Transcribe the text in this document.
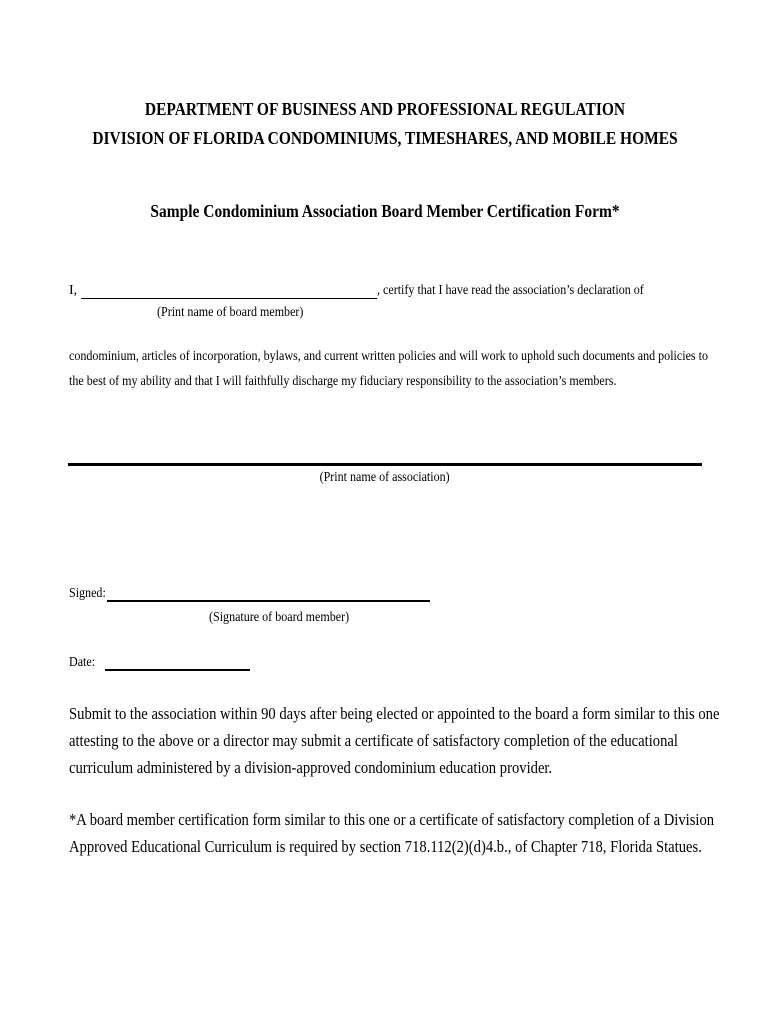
DEPARTMENT OF BUSINESS AND PROFESSIONAL REGULATION
DIVISION OF FLORIDA CONDOMINIUMS, TIMESHARES, AND MOBILE HOMES
Sample Condominium Association Board Member Certification Form*
I,	, certify that I have read the association’s declaration of
(Print name of board member)
condominium, articles of incorporation, bylaws, and current written policies and will work to uphold such documents and policies to
the best of my ability and that I will faithfully discharge my fiduciary responsibility to the association’s members.
(Print name of association)
Signed:
(Signature of board member)
Date:
Submit to the association within 90 days after being elected or appointed to the board a form similar to this one
attesting to the above or a director may submit a certificate of satisfactory completion of the educational
curriculum administered by a division-approved condominium education provider.
*A board member certification form similar to this one or a certificate of satisfactory completion of a Division
Approved Educational Curriculum is required by section 718.112(2)(d)4.b., of Chapter 718, Florida Statues.
